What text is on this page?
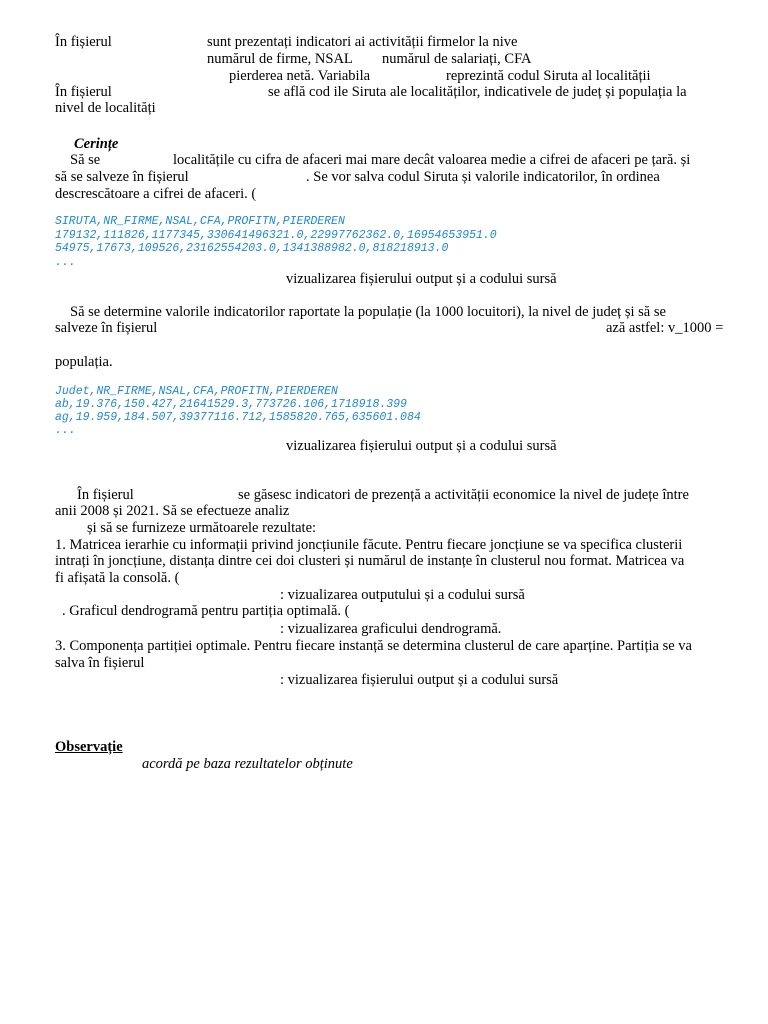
În fișierul	sunt prezentați indicatori ai activității firmelor la nive
numărul de firme, NSAL numărul de salariați, CFA
pierderea netă. Variabila	reprezintă codul Siruta al localității
În fișierul	se află cod ile Siruta ale localităților, indicativele de județ și populația la
nivel de localități
Cerințe
Să se	localitățile cu cifra de afaceri mai mare decât valoarea medie a cifrei de afaceri pe țară. și
să se salveze în fișierul	. Se vor salva codul Siruta și valorile indicatorilor, în ordinea
descrescătoare a cifrei de afaceri. (
SIRUTA,NR_FIRME,NSAL,CFA,PROFITN,PIERDEREN
179132,111826,1177345,330641496321.0,22997762362.0,16954653951.0
54975,17673,109526,23162554203.0,1341388982.0,818218913.0
...
vizualizarea fișierului output și a codului sursă
Să se determine valorile indicatorilor raportate la populație (la 1000 locuitori), la nivel de județ și să se
salveze în fișierul	ază astfel: v_1000 =
populația.
Judet,NR_FIRME,NSAL,CFA,PROFITN,PIERDEREN
ab,19.376,150.427,21641529.3,773726.106,1718918.399
ag,19.959,184.507,39377116.712,1585820.765,635601.084
...
vizualizarea fișierului output și a codului sursă
În fișierul	se găsesc indicatori de prezență a activității economice la nivel de județe între
anii 2008 și 2021. Să se efectueze analiz
și să se furnizeze următoarele rezultate:
1. Matricea ierarhie cu informații privind joncțiunile făcute. Pentru fiecare joncțiune se va specifica clusterii
intrați în joncțiune, distanța dintre cei doi clusteri și numărul de instanțe în clusterul nou format. Matricea va
fi afișată la consolă. (
: vizualizarea outputului și a codului sursă
. Graficul dendrogramă pentru partiția optimală. (
: vizualizarea graficului dendrogramă.
3. Componența partiției optimale. Pentru fiecare instanță se determina clusterul de care aparține. Partiția se va
salva în fișierul
: vizualizarea fișierului output și a codului sursă
Observație
acordă pe baza rezultatelor obținute
